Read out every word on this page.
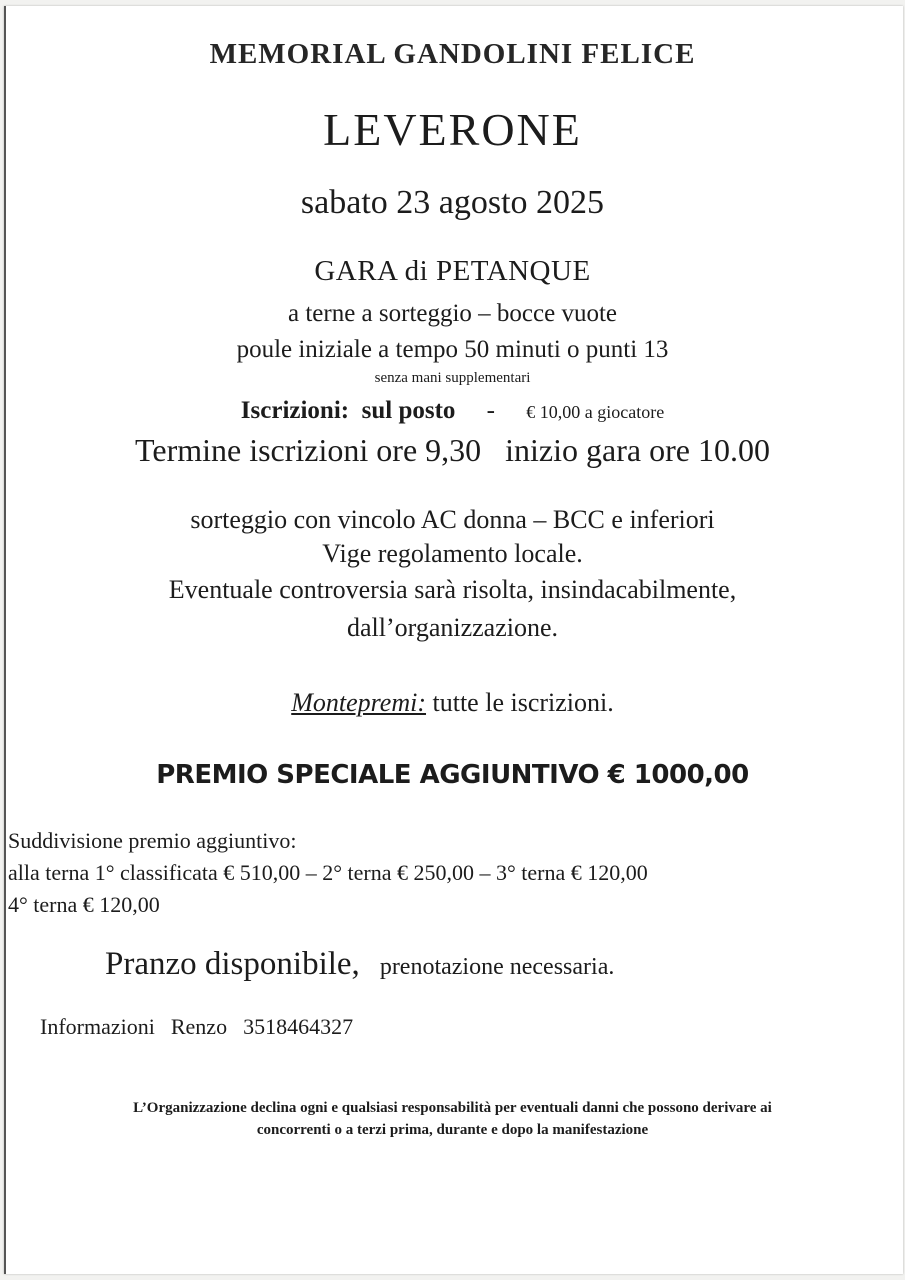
MEMORIAL GANDOLINI FELICE
LEVERONE
sabato 23 agosto 2025
GARA di PETANQUE
a terne a sorteggio – bocce vuote
poule iniziale a tempo 50 minuti o punti 13
senza mani supplementari
Iscrizioni: sul posto - € 10,00 a giocatore
Termine iscrizioni ore 9,30 inizio gara ore 10.00
sorteggio con vincolo AC donna – BCC e inferiori
Vige regolamento locale.
Eventuale controversia sarà risolta, insindacabilmente,
dall’organizzazione.
Montepremi: tutte le iscrizioni.
PREMIO SPECIALE AGGIUNTIVO € 1000,00
Suddivisione premio aggiuntivo:
alla terna 1° classificata € 510,00 – 2° terna € 250,00 – 3° terna € 120,00
4° terna € 120,00
Pranzo disponibile, prenotazione necessaria.
Informazioni Renzo 3518464327
L’Organizzazione declina ogni e qualsiasi responsabilità per eventuali danni che possono derivare ai
concorrenti o a terzi prima, durante e dopo la manifestazione
